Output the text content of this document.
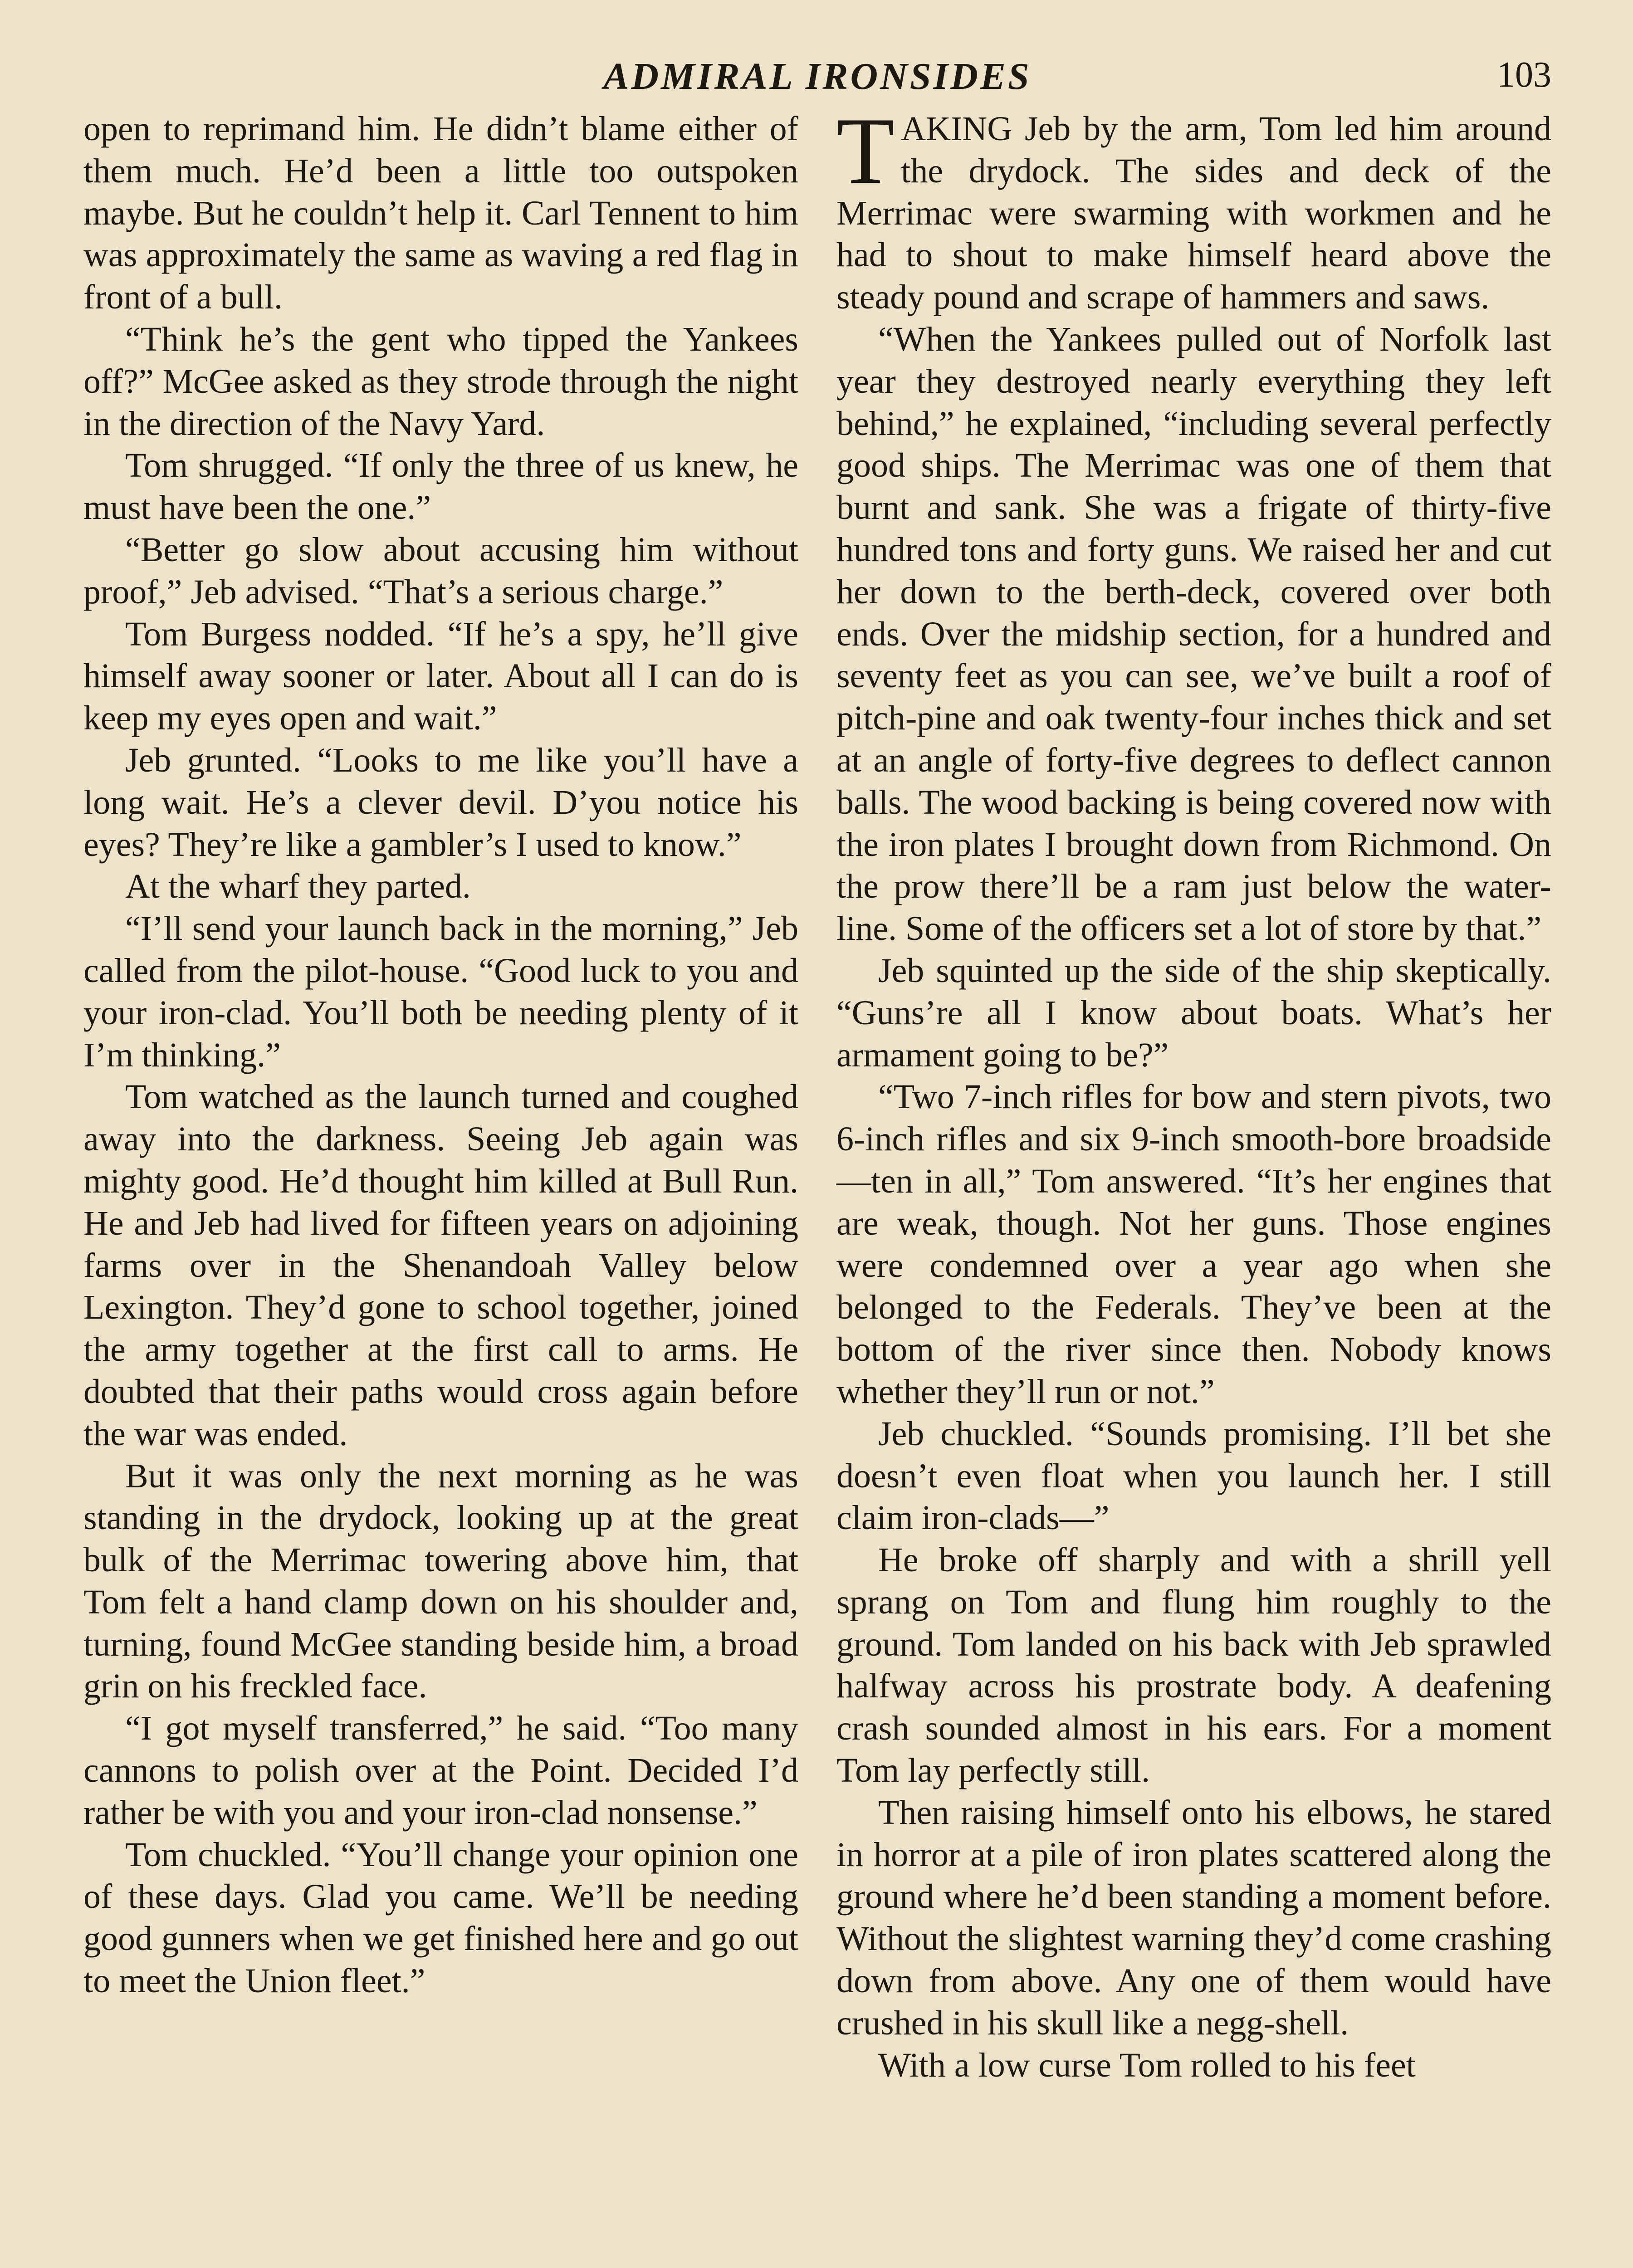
ADMIRAL IRONSIDES	103

open to reprimand him. He didn’t blame either of them much. He’d been a little too outspoken maybe. But he couldn’t help it. Carl Tennent to him was approximately the same as waving a red flag in front of a bull.

“Think he’s the gent who tipped the Yankees off?” McGee asked as they strode through the night in the direction of the Navy Yard.

Tom shrugged. “If only the three of us knew, he must have been the one.”

“Better go slow about accusing him without proof,” Jeb advised. “That’s a serious charge.”

Tom Burgess nodded. “If he’s a spy, he’ll give himself away sooner or later. About all I can do is keep my eyes open and wait.”

Jeb grunted. “Looks to me like you’ll have a long wait. He’s a clever devil. D’you notice his eyes? They’re like a gambler’s I used to know.”

At the wharf they parted.

“I’ll send your launch back in the morning,” Jeb called from the pilot-house. “Good luck to you and your iron-clad. You’ll both be needing plenty of it I’m thinking.”

Tom watched as the launch turned and coughed away into the darkness. Seeing Jeb again was mighty good. He’d thought him killed at Bull Run. He and Jeb had lived for fifteen years on adjoining farms over in the Shenandoah Valley below Lexington. They’d gone to school together, joined the army together at the first call to arms. He doubted that their paths would cross again before the war was ended.

But it was only the next morning as he was standing in the drydock, looking up at the great bulk of the Merrimac towering above him, that Tom felt a hand clamp down on his shoulder and, turning, found McGee standing beside him, a broad grin on his freckled face.

“I got myself transferred,” he said. “Too many cannons to polish over at the Point. Decided I’d rather be with you and your iron-clad nonsense.”

Tom chuckled. “You’ll change your opinion one of these days. Glad you came. We’ll be needing good gunners when we get finished here and go out to meet the Union fleet.”

TAKING Jeb by the arm, Tom led him around the drydock. The sides and deck of the Merrimac were swarming with workmen and he had to shout to make himself heard above the steady pound and scrape of hammers and saws.

“When the Yankees pulled out of Norfolk last year they destroyed nearly everything they left behind,” he explained, “including several perfectly good ships. The Merrimac was one of them that burnt and sank. She was a frigate of thirty-five hundred tons and forty guns. We raised her and cut her down to the berth-deck, covered over both ends. Over the midship section, for a hundred and seventy feet as you can see, we’ve built a roof of pitch-pine and oak twenty-four inches thick and set at an angle of forty-five degrees to deflect cannon balls. The wood backing is being covered now with the iron plates I brought down from Richmond. On the prow there’ll be a ram just below the water-line. Some of the officers set a lot of store by that.”

Jeb squinted up the side of the ship skeptically. “Guns’re all I know about boats. What’s her armament going to be?”

“Two 7-inch rifles for bow and stern pivots, two 6-inch rifles and six 9-inch smooth-bore broadside—ten in all,” Tom answered. “It’s her engines that are weak, though. Not her guns. Those engines were condemned over a year ago when she belonged to the Federals. They’ve been at the bottom of the river since then. Nobody knows whether they’ll run or not.”

Jeb chuckled. “Sounds promising. I’ll bet she doesn’t even float when you launch her. I still claim iron-clads—”

He broke off sharply and with a shrill yell sprang on Tom and flung him roughly to the ground. Tom landed on his back with Jeb sprawled halfway across his prostrate body. A deafening crash sounded almost in his ears. For a moment Tom lay perfectly still.

Then raising himself onto his elbows, he stared in horror at a pile of iron plates scattered along the ground where he’d been standing a moment before. Without the slightest warning they’d come crashing down from above. Any one of them would have crushed in his skull like a negg-shell.

With a low curse Tom rolled to his feet
